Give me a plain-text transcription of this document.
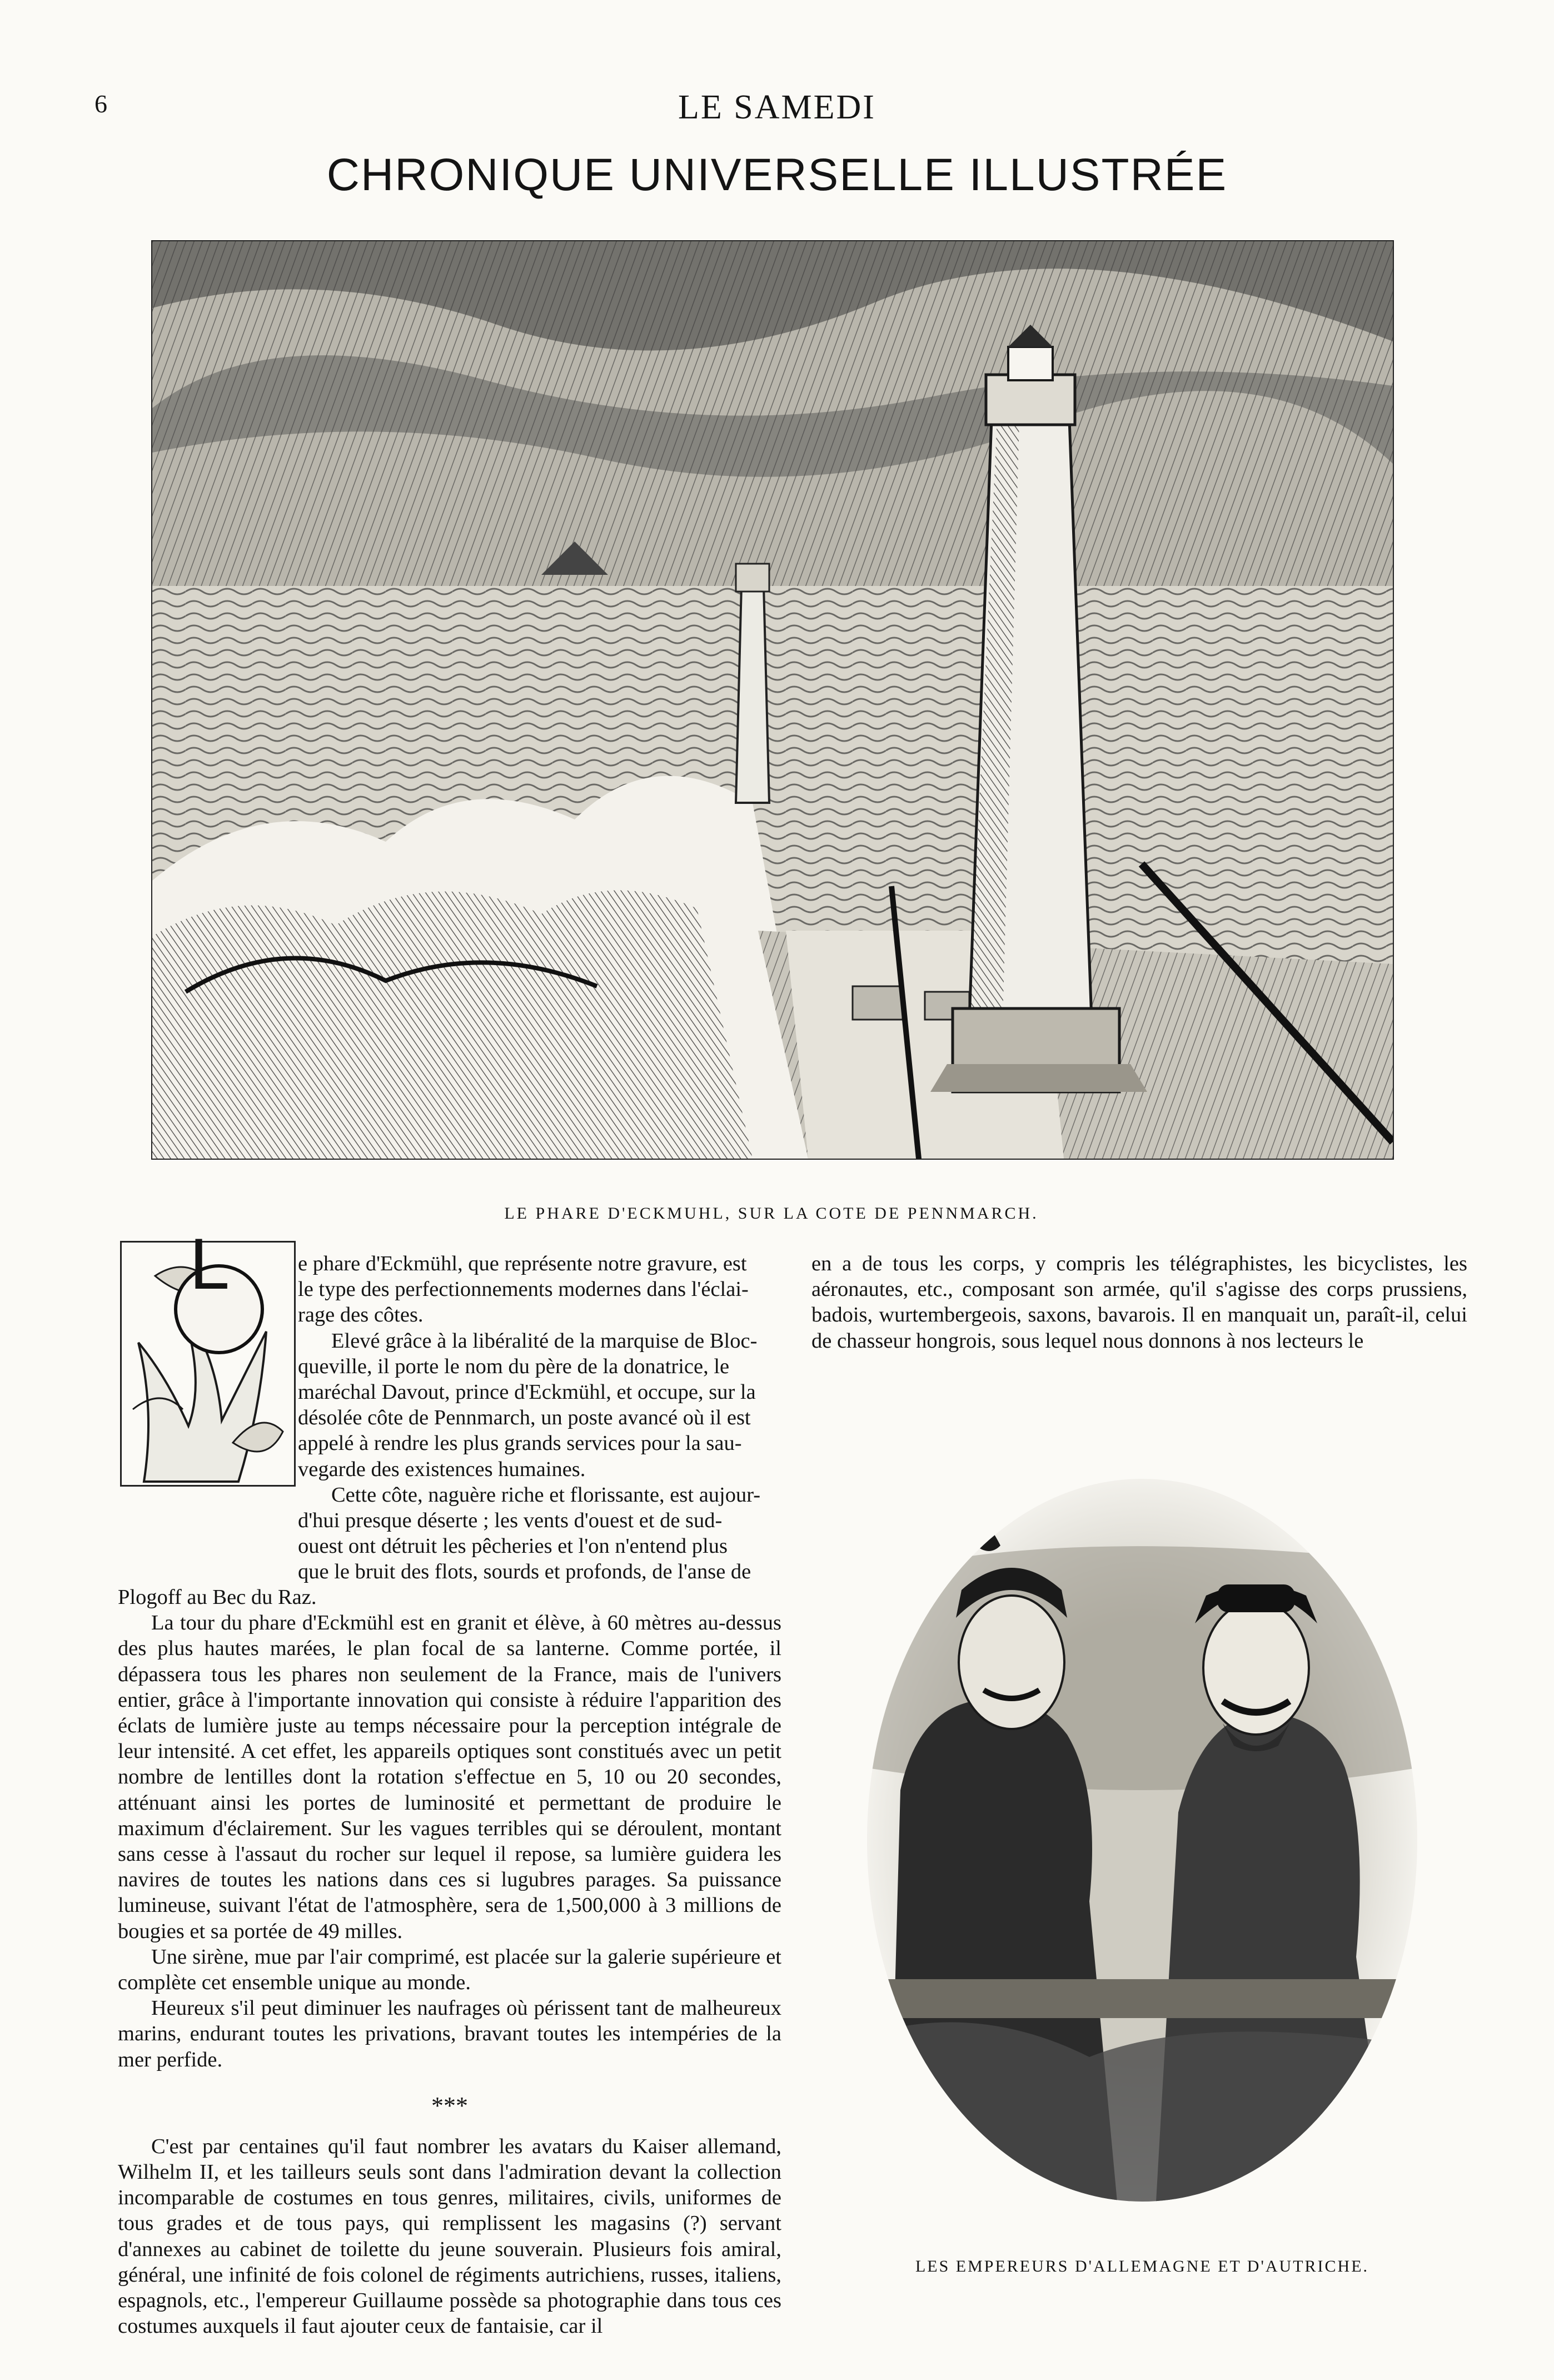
6	LE SAMEDI
CHRONIQUE UNIVERSELLE ILLUSTRÉE
LE PHARE D'ECKMUHL, SUR LA COTE DE PENNMARCH.
L	e phare d'Eckmühl, que représente notre gravure, est

le type des perfectionnements modernes dans l'éclai-

rage des côtes.

Elevé grâce à la libéralité de la marquise de Bloc-

queville, il porte le nom du père de la donatrice, le

maréchal Davout, prince d'Eckmühl, et occupe, sur la

désolée côte de Pennmarch, un poste avancé où il est

appelé à rendre les plus grands services pour la sau-

vegarde des existences humaines.

Cette côte, naguère riche et florissante, est aujour-

d'hui presque déserte ; les vents d'ouest et de sud-

ouest ont détruit les pêcheries et l'on n'entend plus

que le bruit des flots, sourds et profonds, de l'anse de

Plogoff au Bec du Raz.

La tour du phare d'Eckmühl est en granit et élève, à 60 mètres au-dessus des plus hautes marées, le plan focal de sa lanterne. Comme portée, il dépassera tous les phares non seulement de la France, mais de l'univers entier, grâce à l'importante innovation qui consiste à réduire l'apparition des éclats de lumière juste au temps nécessaire pour la perception intégrale de leur intensité. A cet effet, les appareils optiques sont constitués avec un petit nombre de lentilles dont la rotation s'effectue en 5, 10 ou 20 secondes, atténuant ainsi les portes de luminosité et permettant de produire le maximum d'éclairement. Sur les vagues terribles qui se déroulent, montant sans cesse à l'assaut du rocher sur lequel il repose, sa lumière guidera les navires de toutes les nations dans ces si lugubres parages. Sa puissance lumineuse, suivant l'état de l'atmosphère, sera de 1,500,000 à 3 millions de bougies et sa portée de 49 milles.

Une sirène, mue par l'air comprimé, est placée sur la galerie supérieure et complète cet ensemble unique au monde.

Heureux s'il peut diminuer les naufrages où périssent tant de malheureux marins, endurant toutes les privations, bravant toutes les intempéries de la mer perfide.

***

C'est par centaines qu'il faut nombrer les avatars du Kaiser allemand, Wilhelm II, et les tailleurs seuls sont dans l'admiration devant la collection incomparable de costumes en tous genres, militaires, civils, uniformes de tous grades et de tous pays, qui remplissent les magasins (?) servant d'annexes au cabinet de toilette du jeune souverain. Plusieurs fois amiral, général, une infinité de fois colonel de régiments autrichiens, russes, italiens, espagnols, etc., l'empereur Guillaume possède sa photographie dans tous ces costumes auxquels il faut ajouter ceux de fantaisie, car il

en a de tous les corps, y compris les télégraphistes, les bicyclistes, les aéronautes, etc., composant son armée, qu'il s'agisse des corps prussiens, badois, wurtembergeois, saxons, bavarois. Il en manquait un, paraît-il, celui de chasseur hongrois, sous lequel nous donnons à nos lecteurs le

LES EMPEREURS D'ALLEMAGNE ET D'AUTRICHE.
